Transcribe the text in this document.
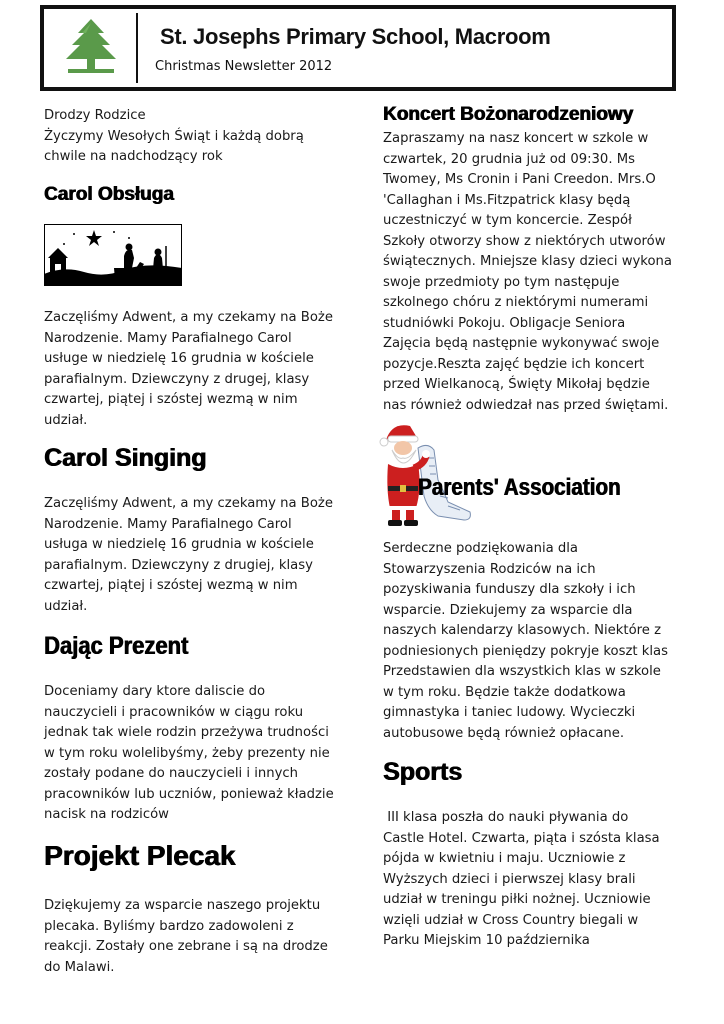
St. Josephs Primary School, Macroom
Christmas Newsletter 2012
Drodzy Rodzice
Życzymy Wesołych Świąt i każdą dobrą
chwile na nadchodzący rok
Carol Obsługa
Zaczęliśmy Adwent, a my czekamy na Boże
Narodzenie. Mamy Parafialnego Carol
usługe w niedzielę 16 grudnia w kościele
parafialnym. Dziewczyny z drugej, klasy
czwartej, piątej i szóstej wezmą w nim
udział.
Carol Singing
Zaczęliśmy Adwent, a my czekamy na Boże
Narodzenie. Mamy Parafialnego Carol
usługa w niedzielę 16 grudnia w kościele
parafialnym. Dziewczyny z drugiej, klasy
czwartej, piątej i szóstej wezmą w nim
udział.
Dając Prezent
Doceniamy dary ktore daliscie do
nauczycieli i pracowników w ciągu roku
jednak tak wiele rodzin przeżywa trudności
w tym roku wolelibyśmy, żeby prezenty nie
zostały podane do nauczycieli i innych
pracowników lub uczniów, ponieważ kładzie
nacisk na rodziców
Projekt Plecak
Dziękujemy za wsparcie naszego projektu
plecaka. Byliśmy bardzo zadowoleni z
reakcji. Zostały one zebrane i są na drodze
do Malawi.
Koncert Bożonarodzeniowy
Zapraszamy na nasz koncert w szkole w
czwartek, 20 grudnia już od 09:30. Ms
Twomey, Ms Cronin i Pani Creedon. Mrs.O
'Callaghan i Ms.Fitzpatrick klasy będą
uczestniczyć w tym koncercie. Zespół
Szkoły otworzy show z niektórych utworów
świątecznych. Mniejsze klasy dzieci wykona
swoje przedmioty po tym następuje
szkolnego chóru z niektórymi numerami
studniówki Pokoju. Obligacje Seniora
Zajęcia będą następnie wykonywać swoje
pozycje.Reszta zajęć będzie ich koncert
przed Wielkanocą, Święty Mikołaj będzie
nas również odwiedzał nas przed świętami.
Parents' Association
Serdeczne podziękowania dla
Stowarzyszenia Rodziców na ich
pozyskiwania funduszy dla szkoły i ich
wsparcie. Dziekujemy za wsparcie dla
naszych kalendarzy klasowych. Niektóre z
podniesionych pieniędzy pokryje koszt klas
Przedstawien dla wszystkich klas w szkole
w tym roku. Będzie także dodatkowa
gimnastyka i taniec ludowy. Wycieczki
autobusowe będą również opłacane.
Sports
III klasa poszła do nauki pływania do
Castle Hotel. Czwarta, piąta i szósta klasa
pójda w kwietniu i maju. Uczniowie z
Wyższych dzieci i pierwszej klasy brali
udział w treningu piłki nożnej. Uczniowie
wzięli udział w Cross Country biegali w
Parku Miejskim 10 października
